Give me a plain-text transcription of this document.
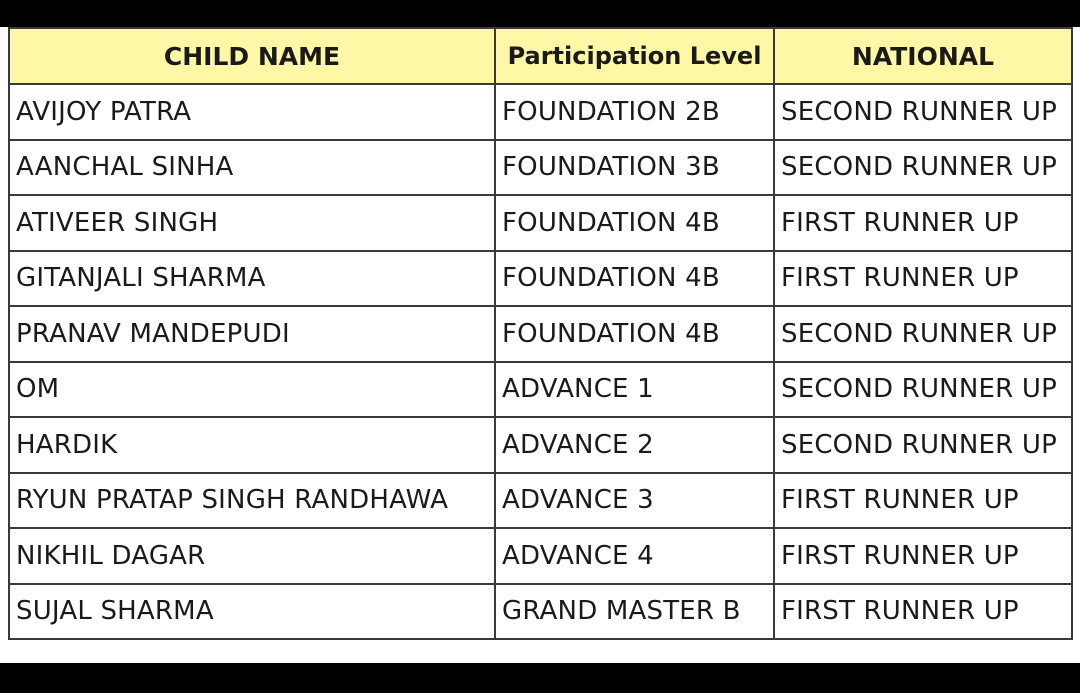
CHILD NAME	Participation Level	NATIONAL
AVIJOY PATRA	FOUNDATION 2B	SECOND RUNNER UP
AANCHAL SINHA	FOUNDATION 3B	SECOND RUNNER UP
ATIVEER SINGH	FOUNDATION 4B	FIRST RUNNER UP
GITANJALI SHARMA	FOUNDATION 4B	FIRST RUNNER UP
PRANAV MANDEPUDI	FOUNDATION 4B	SECOND RUNNER UP
OM	ADVANCE 1	SECOND RUNNER UP
HARDIK	ADVANCE 2	SECOND RUNNER UP
RYUN PRATAP SINGH RANDHAWA	ADVANCE 3	FIRST RUNNER UP
NIKHIL DAGAR	ADVANCE 4	FIRST RUNNER UP
SUJAL SHARMA	GRAND MASTER B	FIRST RUNNER UP
